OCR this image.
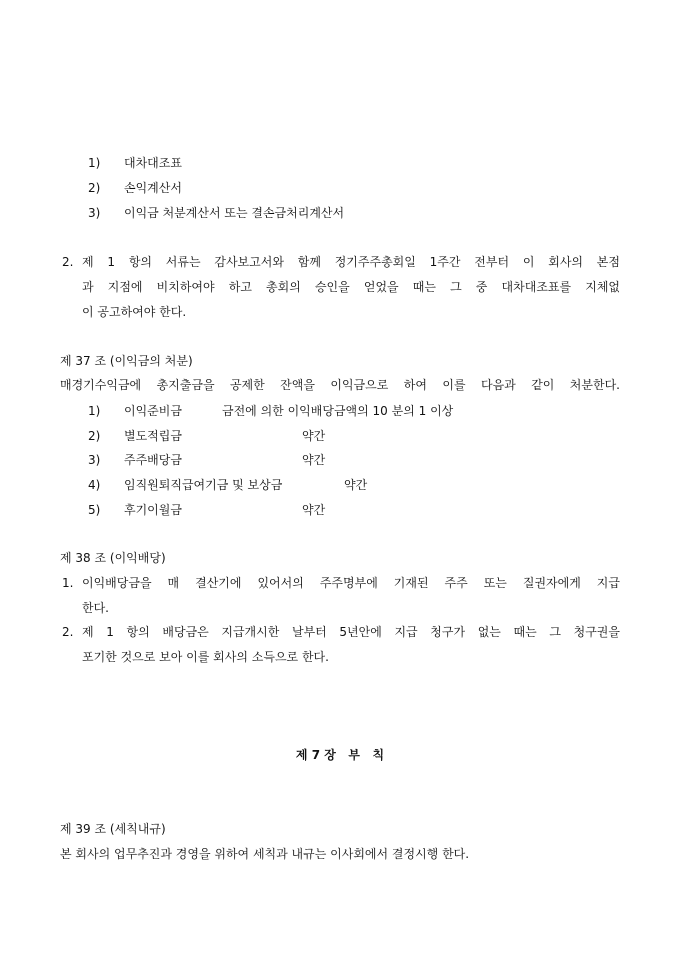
1) 대차대조표
2) 손익계산서
3) 이익금 처분계산서 또는 결손금처리계산서
2. 제 1 항의 서류는 감사보고서와 함께 정기주주총회일 1주간 전부터 이 회사의 본점
과 지점에 비치하여야 하고 총회의 승인을 얻었을 때는 그 중 대차대조표를 지체없
이 공고하여야 한다.
제 37 조 (이익금의 처분)
매경기수익금에 총지출금을 공제한 잔액을 이익금으로 하여 이를 다음과 같이 처분한다.
1) 이익준비금	금전에 의한 이익배당금액의 10 분의 1 이상
2) 별도적립금	약간
3) 주주배당금	약간
4) 임직원퇴직급여기금 및 보상금	약간
5) 후기이월금	약간
제 38 조 (이익배당)
1. 이익배당금을 매 결산기에 있어서의 주주명부에 기재된 주주 또는 질권자에게 지급
한다.
2. 제 1 항의 배당금은 지급개시한 날부터 5년안에 지급 청구가 없는 때는 그 청구권을
포기한 것으로 보아 이를 회사의 소득으로 한다.
제 7 장   부   칙
제 39 조 (세칙내규)
본 회사의 업무추진과 경영을 위하여 세칙과 내규는 이사회에서 결정시행 한다.
